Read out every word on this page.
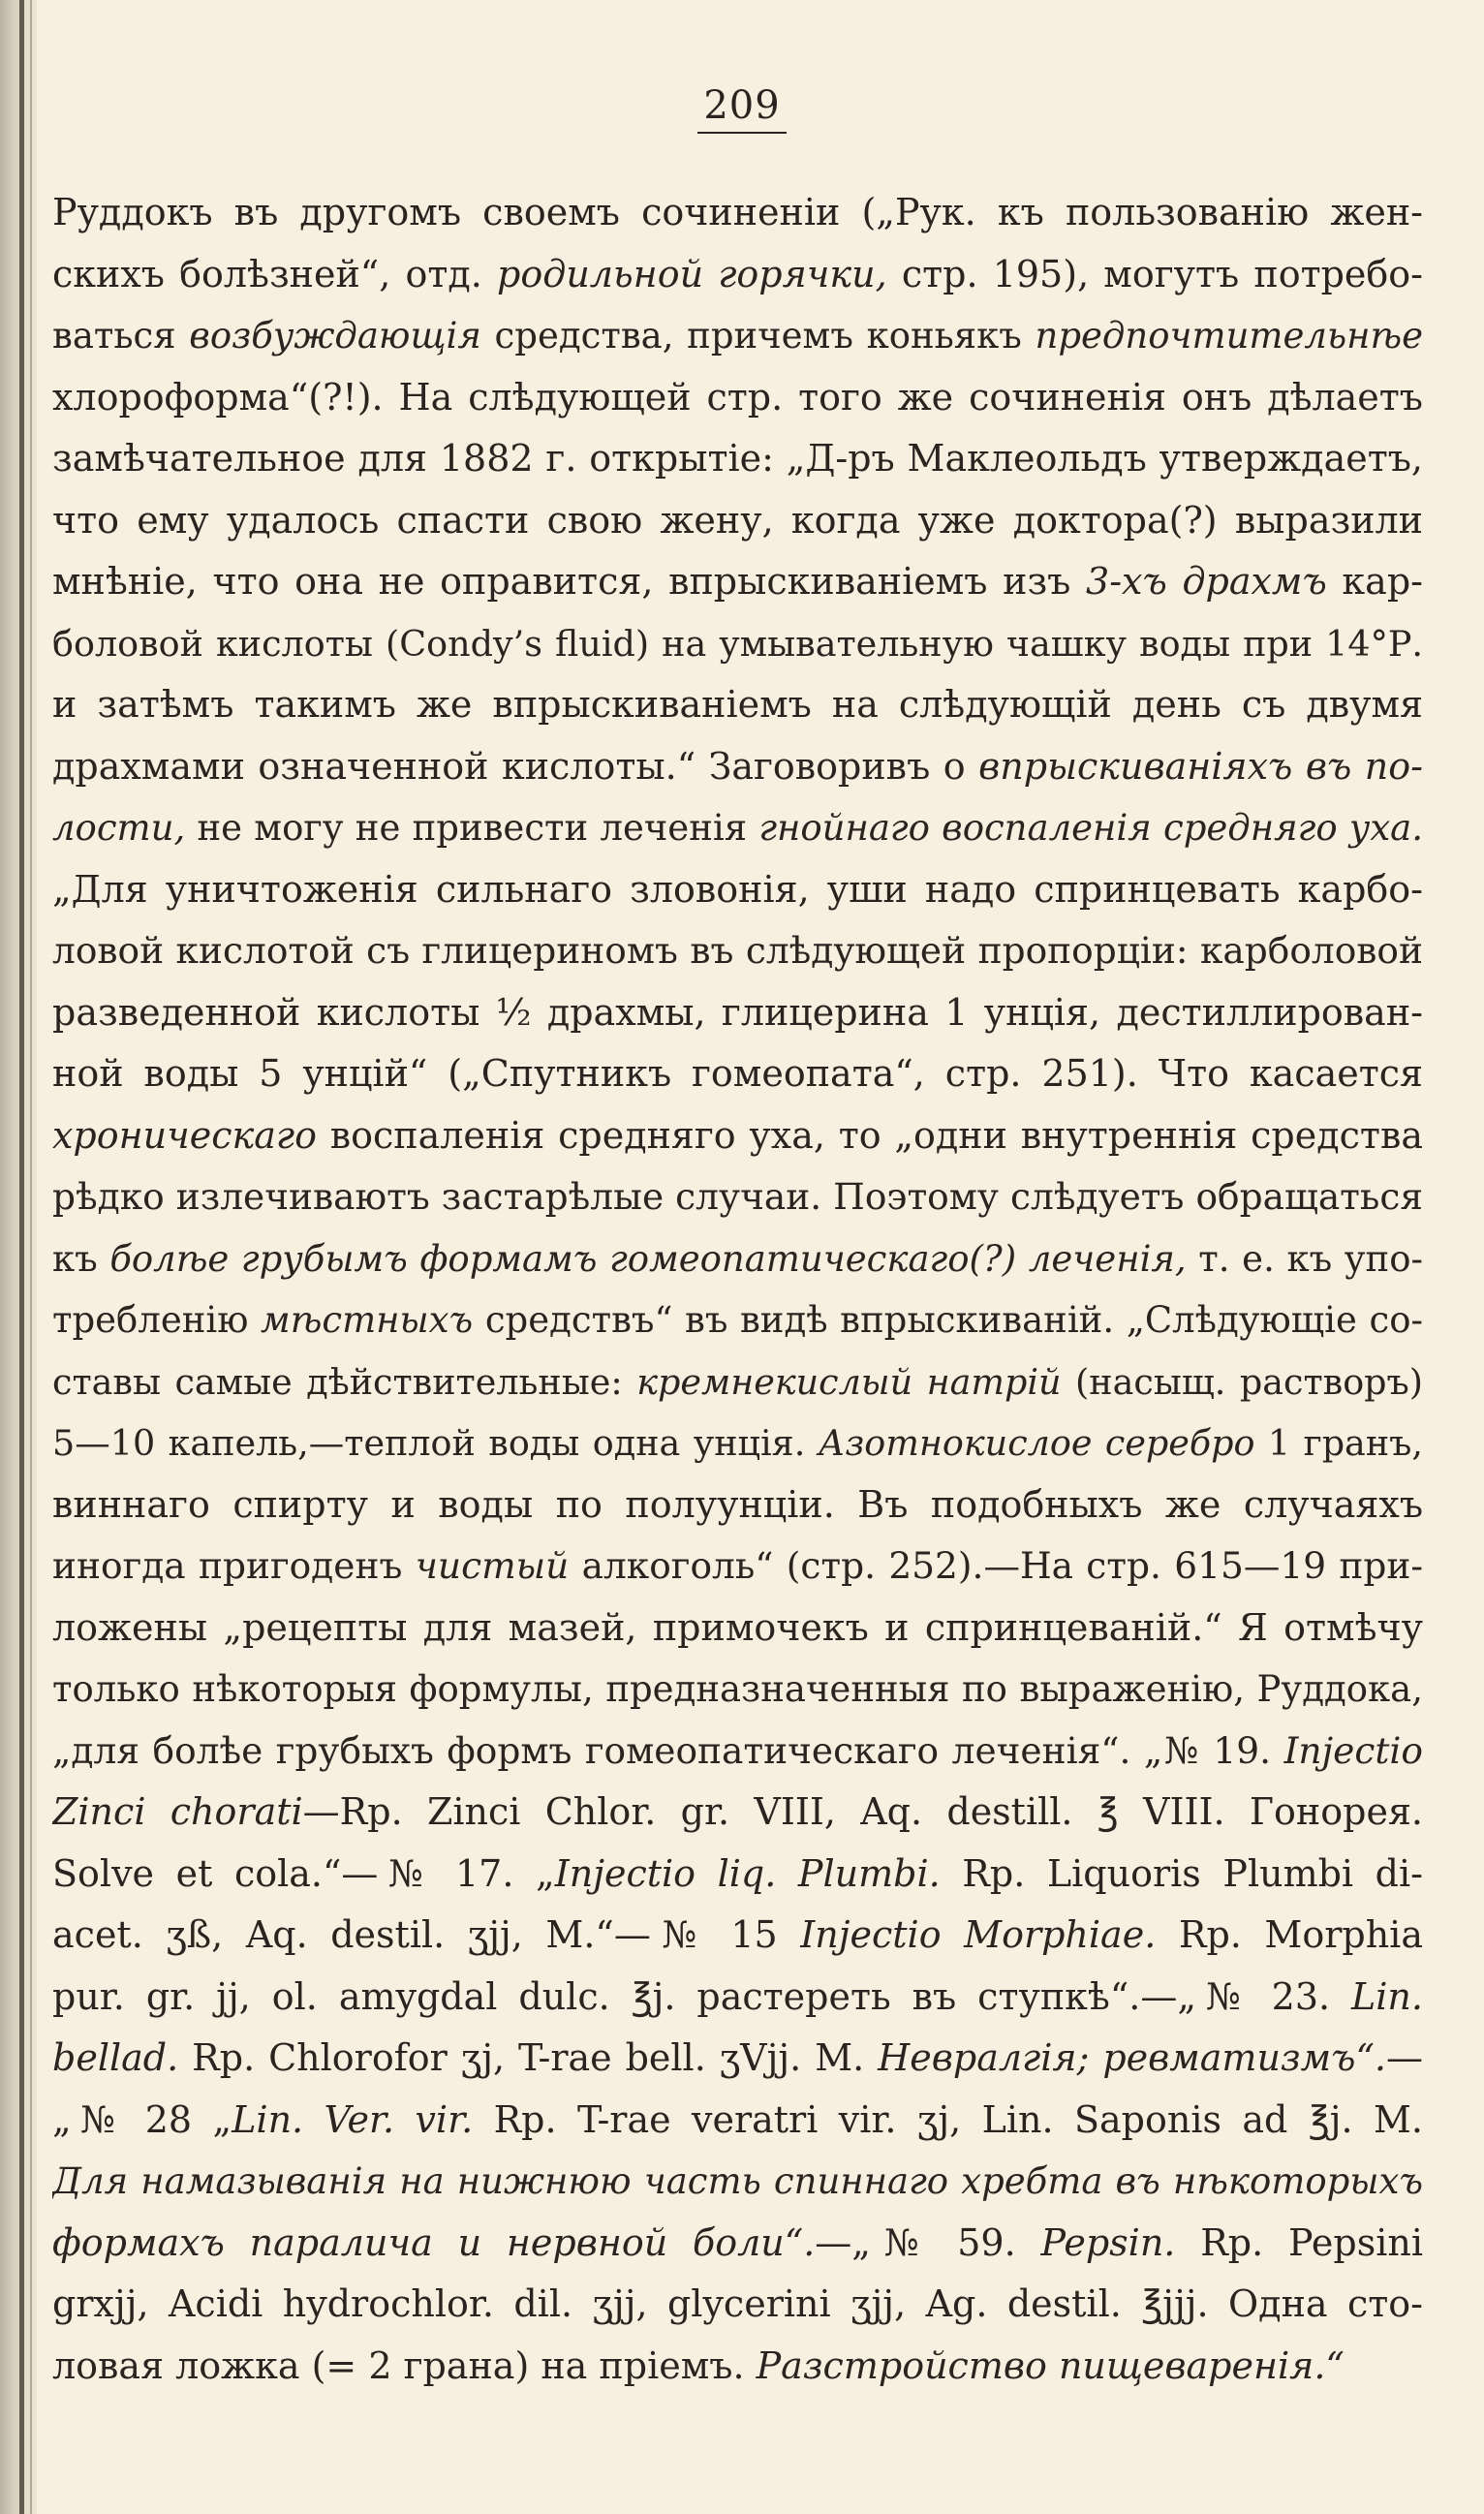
209
Руддокъ въ другомъ своемъ сочиненіи („Рук. къ пользованію жен-
скихъ болѣзней“, отд. родильной горячки, стр. 195), могутъ потребо-
ваться возбуждающія средства, причемъ коньякъ предпочтительнѣе
хлороформа“(?!). На слѣдующей стр. того же сочиненія онъ дѣлаетъ
замѣчательное для 1882 г. открытіе: „Д-ръ Маклеольдъ утверждаетъ,
что ему удалось спасти свою жену, когда уже доктора(?) выразили
мнѣніе, что она не оправится, впрыскиваніемъ изъ 3-хъ драхмъ кар-
боловой кислоты (Condy’s fluid) на умывательную чашку воды при 14°Р.
и затѣмъ такимъ же впрыскиваніемъ на слѣдующій день съ двумя
драхмами означенной кислоты.“ Заговоривъ о впрыскиваніяхъ въ по-
лости, не могу не привести леченія гнойнаго воспаленія средняго уха.
„Для уничтоженія сильнаго зловонія, уши надо спринцевать карбо-
ловой кислотой съ глицериномъ въ слѣдующей пропорціи: карболовой
разведенной кислоты ½ драхмы, глицерина 1 унція, дестиллирован-
ной воды 5 унцій“ („Спутникъ гомеопата“, стр. 251). Что касается
хроническаго воспаленія средняго уха, то „одни внутреннія средства
рѣдко излечиваютъ застарѣлые случаи. Поэтому слѣдуетъ обращаться
къ болѣе грубымъ формамъ гомеопатическаго(?) леченія, т. е. къ упо-
требленію мѣстныхъ средствъ“ въ видѣ впрыскиваній. „Слѣдующіе со-
ставы самые дѣйствительные: кремнекислый натрій (насыщ. растворъ)
5—10 капель,—теплой воды одна унція. Азотнокислое серебро 1 гранъ,
виннаго спирту и воды по полуунціи. Въ подобныхъ же случаяхъ
иногда пригоденъ чистый алкоголь“ (стр. 252).—На стр. 615—19 при-
ложены „рецепты для мазей, примочекъ и спринцеваній.“ Я отмѣчу
только нѣкоторыя формулы, предназначенныя по выраженію, Руддока,
„для болѣе грубыхъ формъ гомеопатическаго леченія“. „№ 19. Injectio
Zinci chorati—Rp. Zinci Chlor. gr. VIII, Aq. destill. ℥ VIII. Гонорея.
Solve et cola.“—№ 17. „Injectio liq. Plumbi. Rp. Liquoris Plumbi di-
acet. ʒß, Aq. destil. ʒjj, M.“—№ 15 Injectio Morphiae. Rp. Morphia
pur. gr. jj, ol. amygdal dulc. ℥j. растереть въ ступкѣ“.—„№ 23. Lin.
bellad. Rp. Chlorofor ʒj, T-rae bell. ʒVjj. M. Невралгія; ревматизмъ“.—
„№ 28 „Lin. Ver. vir. Rp. T-rae veratri vir. ʒj, Lin. Saponis ad ℥j. M.
Для намазыванія на нижнюю часть спиннаго хребта въ нѣкоторыхъ
формахъ паралича и нервной боли“.—„№ 59. Pepsin. Rp. Pepsini
grxjj, Acidi hydrochlor. dil. ʒjj, glycerini ʒjj, Ag. destil. ℥jjj. Одна сто-
ловая ложка (= 2 грана) на пріемъ. Разстройство пищеваренія.“
